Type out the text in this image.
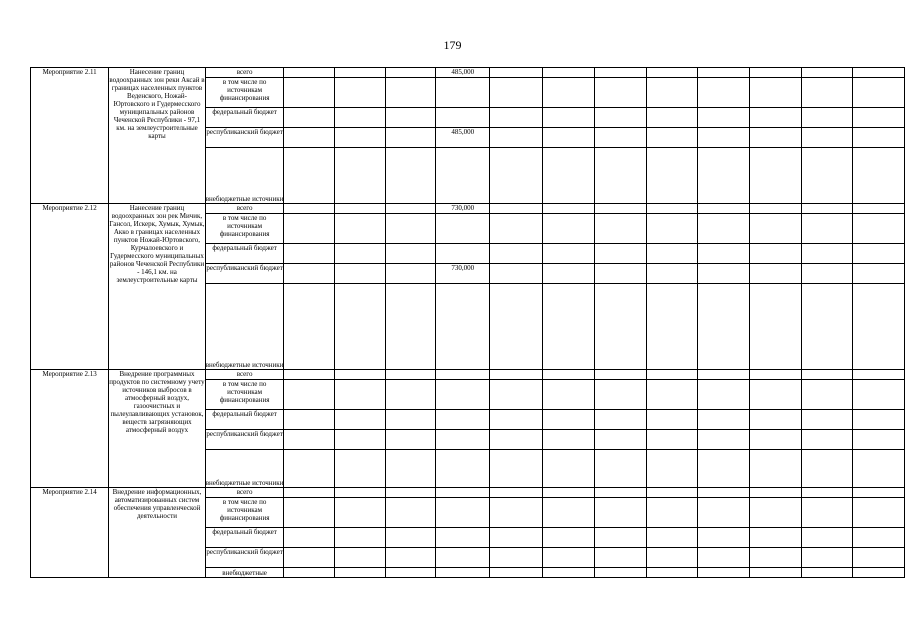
179
Мероприятие 2.11	Нанесение границ водоохранных зон реки Аксай в границах населенных пунктов Веденского, Ножай-Юртовского и Гудермесского муниципальных районов Чеченской Республики - 97,1 км. на землеустроительные карты	всего				485,000								
		в том числе по источникам финансирования												
		федеральный бюджет												
		республиканский бюджет				485,000								
		внебюджетные источники												
Мероприятие 2.12	Нанесение границ водоохранных зон рек Мичик, Гансол, Искерк, Хумык, Хумык, Акко в границах населенных пунктов Ножай-Юртовского, Курчалоевского и Гудермесского муниципальных районов Чеченской Республики - 146,1 км. на землеустроительные карты	всего				730,000								
		в том числе по источникам финансирования												
		федеральный бюджет												
		республиканский бюджет				730,000								
		внебюджетные источники												
Мероприятие 2.13	Внедрение программных продуктов по системному учету источников выбросов в атмосферный воздух, газоочистных и пылеулавливающих установок, веществ загрязняющих атмосферный воздух	всего												
		в том числе по источникам финансирования												
		федеральный бюджет												
		республиканский бюджет												
		внебюджетные источники												
Мероприятие 2.14	Внедрение информационных, автоматизированных систем обеспечения управленческой деятельности	всего												
		в том числе по источникам финансирования												
		федеральный бюджет												
		республиканский бюджет												
		внебюджетные												
